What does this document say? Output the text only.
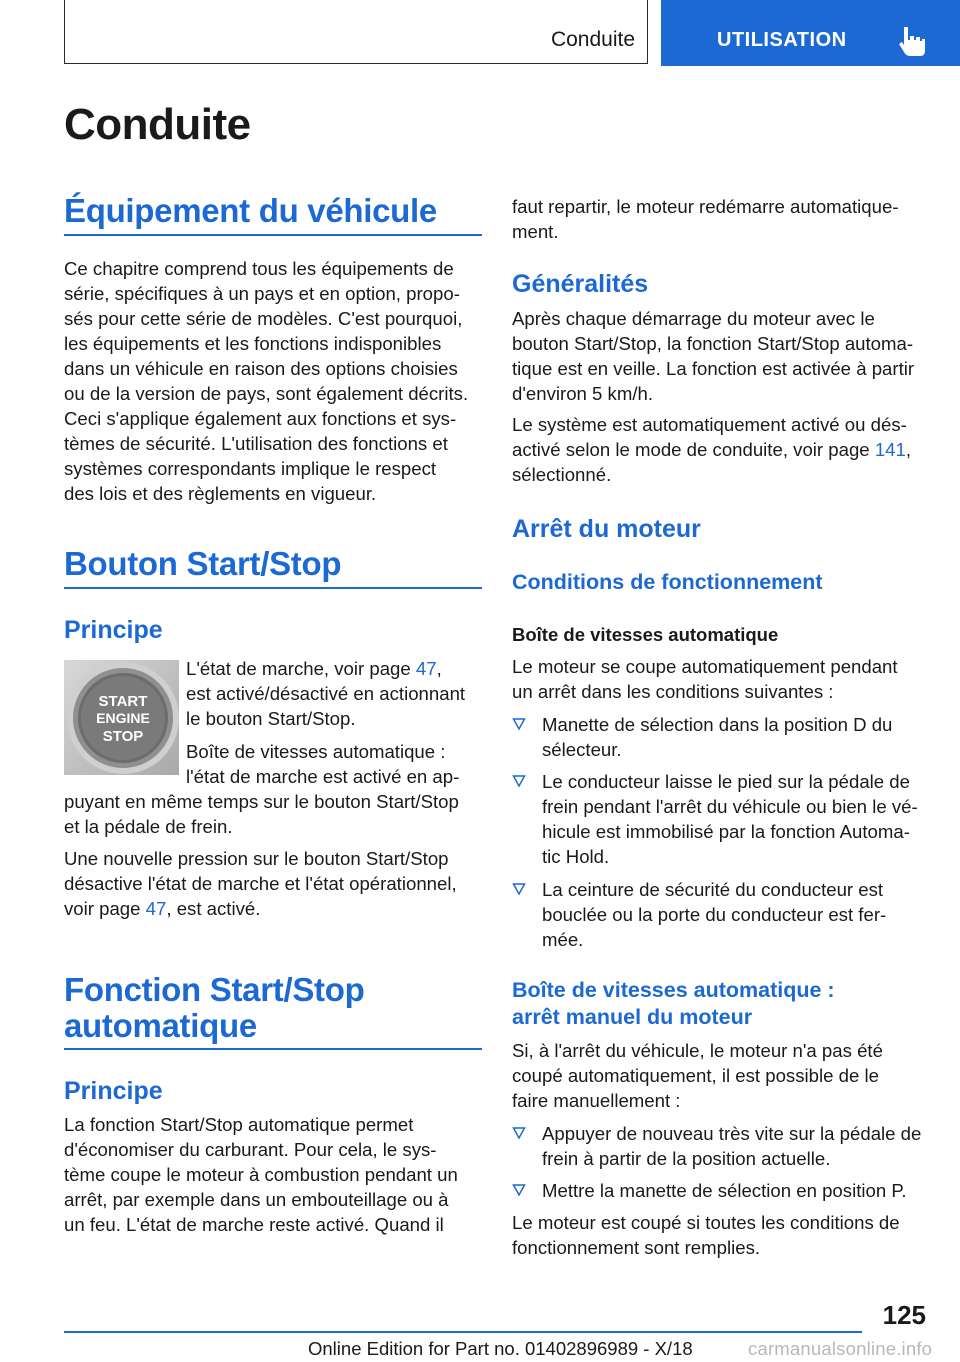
Conduite	UTILISATION
Conduite
Équipement du véhicule
Ce chapitre comprend tous les équipements de
série, spécifiques à un pays et en option, propo-
sés pour cette série de modèles. C'est pourquoi,
les équipements et les fonctions indisponibles
dans un véhicule en raison des options choisies
ou de la version de pays, sont également décrits.
Ceci s'applique également aux fonctions et sys-
tèmes de sécurité. L'utilisation des fonctions et
systèmes correspondants implique le respect
des lois et des règlements en vigueur.
Bouton Start/Stop
Principe
L'état de marche, voir page 47,
est activé/désactivé en actionnant
le bouton Start/Stop.
Boîte de vitesses automatique :
l'état de marche est activé en ap-
puyant en même temps sur le bouton Start/Stop
et la pédale de frein.
Une nouvelle pression sur le bouton Start/Stop
désactive l'état de marche et l'état opérationnel,
voir page 47, est activé.
Fonction Start/Stop
automatique
Principe
La fonction Start/Stop automatique permet
d'économiser du carburant. Pour cela, le sys-
tème coupe le moteur à combustion pendant un
arrêt, par exemple dans un embouteillage ou à
un feu. L'état de marche reste activé. Quand il
START
ENGINE
STOP
faut repartir, le moteur redémarre automatique-
ment.
Généralités
Après chaque démarrage du moteur avec le
bouton Start/Stop, la fonction Start/Stop automa-
tique est en veille. La fonction est activée à partir
d'environ 5 km/h.
Le système est automatiquement activé ou dés-
activé selon le mode de conduite, voir page 141,
sélectionné.
Arrêt du moteur
Conditions de fonctionnement
Boîte de vitesses automatique
Le moteur se coupe automatiquement pendant
un arrêt dans les conditions suivantes :
Manette de sélection dans la position D du
sélecteur.
Le conducteur laisse le pied sur la pédale de
frein pendant l'arrêt du véhicule ou bien le vé-
hicule est immobilisé par la fonction Automa-
tic Hold.
La ceinture de sécurité du conducteur est
bouclée ou la porte du conducteur est fer-
mée.
Boîte de vitesses automatique :
arrêt manuel du moteur
Si, à l'arrêt du véhicule, le moteur n'a pas été
coupé automatiquement, il est possible de le
faire manuellement :
Appuyer de nouveau très vite sur la pédale de
frein à partir de la position actuelle.
Mettre la manette de sélection en position P.
Le moteur est coupé si toutes les conditions de
fonctionnement sont remplies.
125
Online Edition for Part no. 01402896989 - X/18	carmanualsonline.info
